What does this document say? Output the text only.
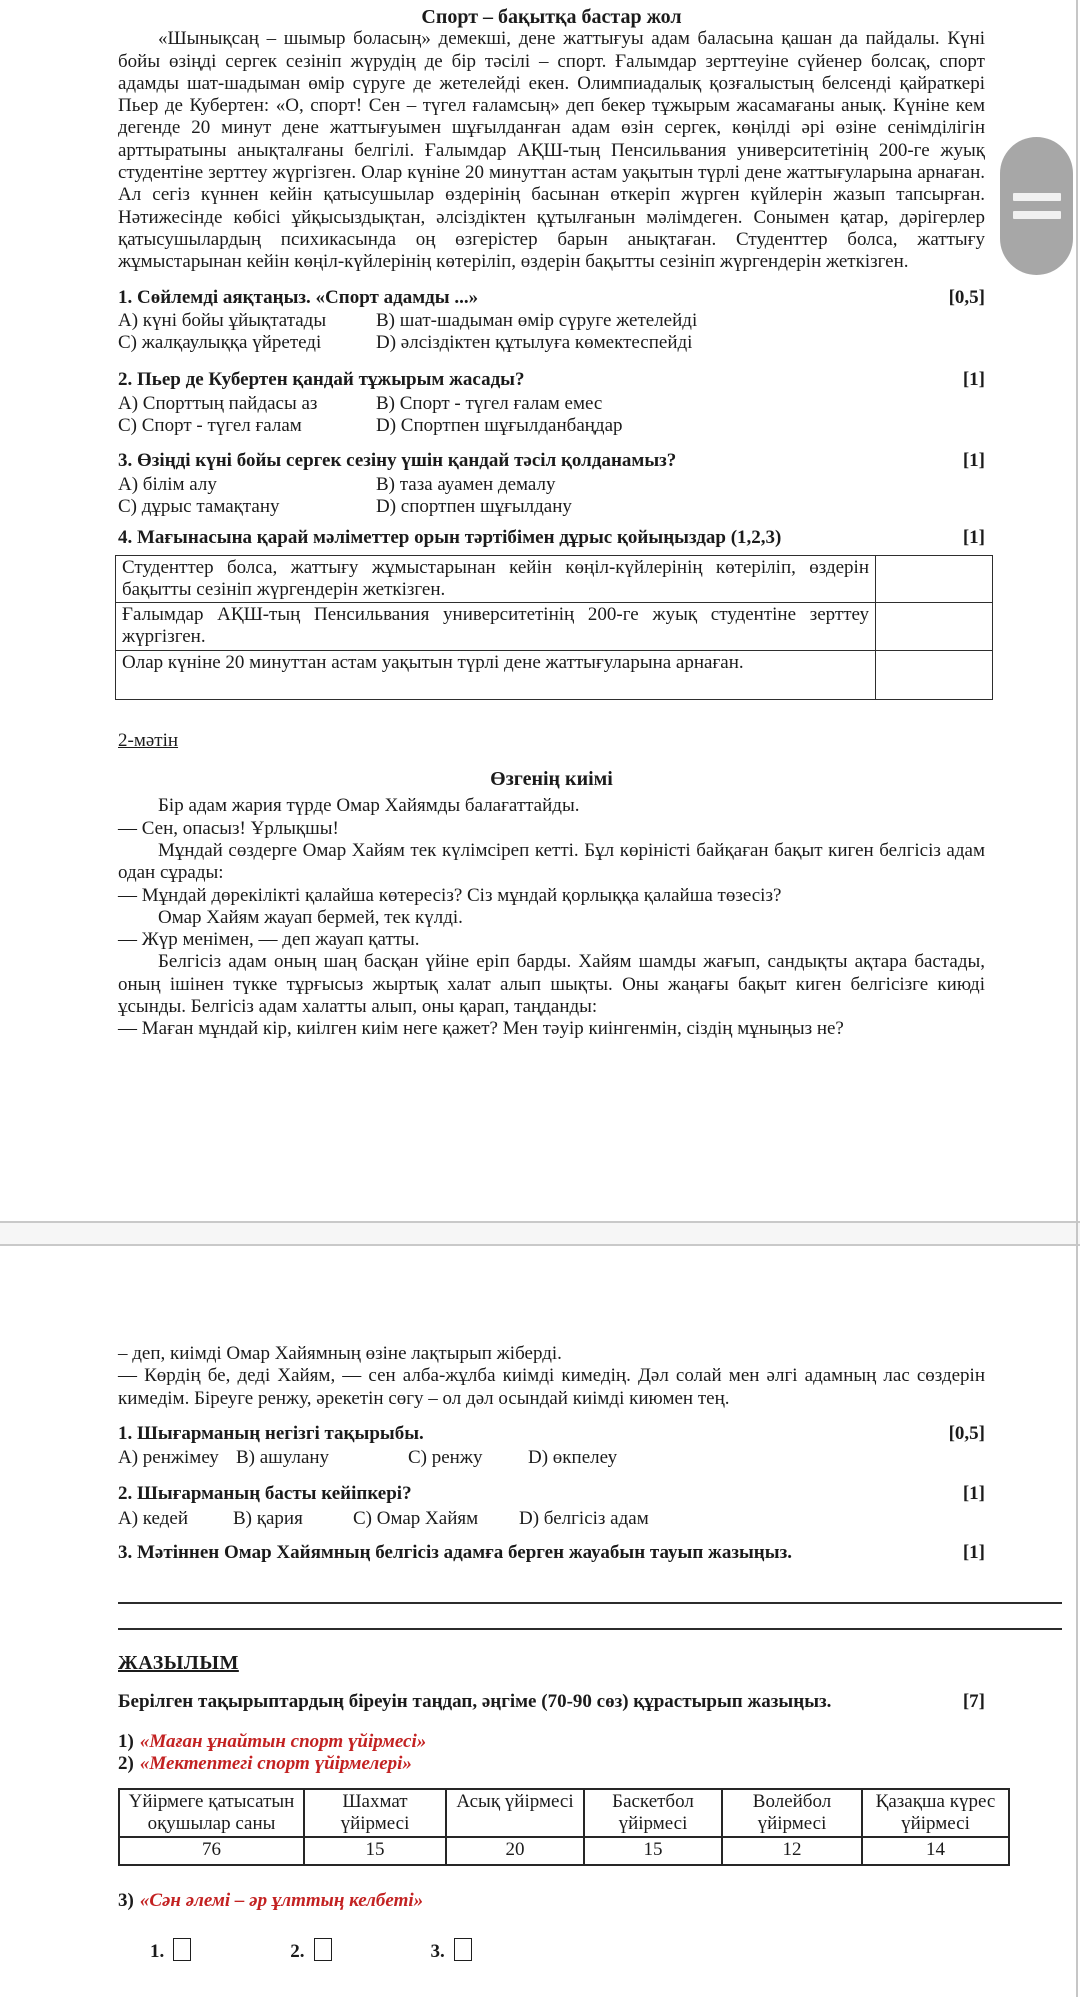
Спорт – бақытқа бастар жол

«Шынықсаң – шымыр боласың» демекші, дене жаттығуы адам баласына қашан да пайдалы. Күні бойы өзіңді сергек сезініп жүрудің де бір тәсілі – спорт. Ғалымдар зерттеуіне сүйенер болсақ, спорт адамды шат-шадыман өмір сүруге де жетелейді екен. Олимпиадалық қозғалыстың белсенді қайраткері Пьер де Кубертен: «О, спорт! Сен – түгел ғаламсың» деп бекер тұжырым жасамағаны анық. Күніне кем дегенде 20 минут дене жаттығуымен шұғылданған адам өзін сергек, көңілді әрі өзіне сенімділігін арттыратыны анықталғаны белгілі. Ғалымдар АҚШ-тың Пенсильвания университетінің 200-ге жуық студентіне зерттеу жүргізген. Олар күніне 20 минуттан астам уақытын түрлі дене жаттығуларына арнаған. Ал сегіз күннен кейін қатысушылар өздерінің басынан өткеріп жүрген күйлерін жазып тапсырған. Нәтижесінде көбісі ұйқысыздықтан, әлсіздіктен құтылғанын мәлімдеген. Сонымен қатар, дәрігерлер қатысушылардың психикасында оң өзгерістер барын анықтаған. Студенттер болса, жаттығу жұмыстарынан кейін көңіл-күйлерінің көтеріліп, өздерін бақытты сезініп жүргендерін жеткізген.

1. Сөйлемді аяқтаңыз. «Спорт адамды ...»	[0,5]
А) күні бойы ұйықтатады	В) шат-шадыман өмір сүруге жетелейді
С) жалқаулыққа үйретеді	D) әлсіздіктен құтылуға көмектеспейді
2. Пьер де Кубертен қандай тұжырым жасады?	[1]
А) Спорттың пайдасы аз	В) Спорт - түгел ғалам емес
С) Спорт - түгел ғалам	D) Спортпен шұғылданбаңдар
3. Өзіңді күні бойы сергек сезіну үшін қандай тәсіл қолданамыз?	[1]
А) білім алу	В) таза ауамен демалу
С) дұрыс тамақтану	D) спортпен шұғылдану
4. Мағынасына қарай мәліметтер орын тәртібімен дұрыс қойыңыздар (1,2,3)	[1]
Студенттер болса, жаттығу жұмыстарынан кейін көңіл-күйлерінің көтеріліп, өздерін бақытты сезініп жүргендерін жеткізген.	
Ғалымдар АҚШ-тың Пенсильвания университетінің 200-ге жуық студентіне зерттеу жүргізген.	
Олар күніне 20 минуттан астам уақытын түрлі дене жаттығуларына арнаған.	
2-мәтін
Өзгенің киімі

Бір адам жария түрде Омар Хайямды балағаттайды.

— Сен, опасыз! Ұрлықшы!

Мұндай сөздерге Омар Хайям тек күлімсіреп кетті. Бұл көріністі байқаған бақыт киген белгісіз адам одан сұрады:

— Мұндай дөрекілікті қалайша көтересіз? Сіз мұндай қорлыққа қалайша төзесіз?

Омар Хайям жауап бермей, тек күлді.

— Жүр менімен, — деп жауап қатты.

Белгісіз адам оның шаң басқан үйіне еріп барды. Хайям шамды жағып, сандықты ақтара бастады, оның ішінен түкке тұрғысыз жыртық халат алып шықты. Оны жаңағы бақыт киген белгісізге киюді ұсынды. Белгісіз адам халатты алып, оны қарап, таңданды:

— Маған мұндай кір, киілген киім неге қажет? Мен тәуір киінгенмін, сіздің мұныңыз не?

– деп, киімді Омар Хайямның өзіне лақтырып жіберді.

— Көрдің бе, деді Хайям, — сен алба-жұлба киімді кимедің. Дәл солай мен әлгі адамның лас сөздерін кимедім. Біреуге ренжу, әрекетін сөгу – ол дәл осындай киімді киюмен тең.

1. Шығарманың негізгі тақырыбы.	[0,5]
А) ренжімеу В) ашулану	С) ренжу	D) өкпелеу
2. Шығарманың басты кейіпкері?	[1]
А) кедей	В) қария	С) Омар Хайям	D) белгісіз адам
3. Мәтіннен Омар Хайямның белгісіз адамға берген жауабын тауып жазыңыз.	[1]
ЖАЗЫЛЫМ
Берілген тақырыптардың біреуін таңдап, әңгіме (70-90 сөз) құрастырып жазыңыз.	[7]
1) «Маған ұнайтын спорт үйірмесі»
2) «Мектептегі спорт үйірмелері»
Үйірмеге қатысатын оқушылар саны	Шахмат үйірмесі	Асық үйірмесі	Баскетбол үйірмесі	Волейбол үйірмесі	Қазақша күрес үйірмесі
76	15	20	15	12	14
3) «Сән әлемі – әр ұлттың келбеті»
1.	2.	3.
